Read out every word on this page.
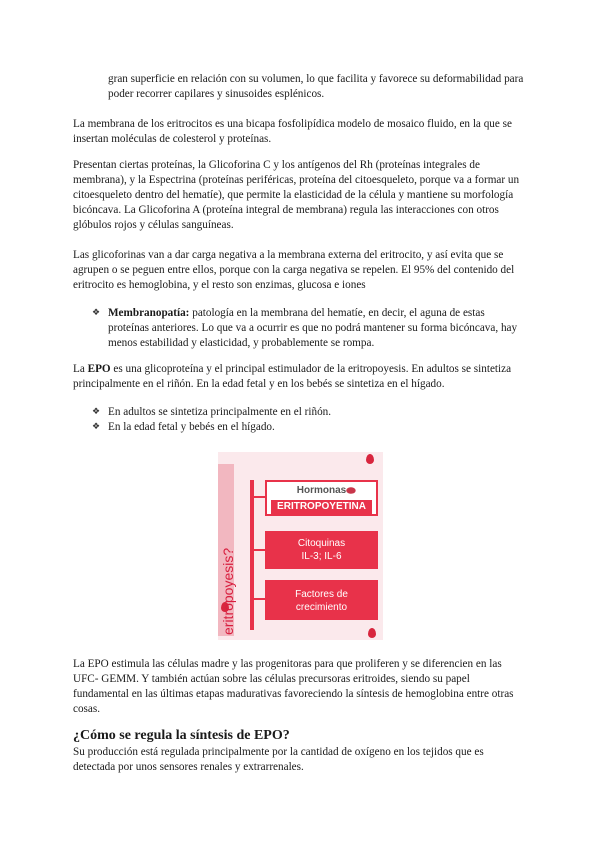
gran superficie en relación con su volumen, lo que facilita y favorece su deformabilidad para poder recorrer capilares y sinusoides esplénicos.

La membrana de los eritrocitos es una bicapa fosfolipídica modelo de mosaico fluido, en la que se insertan moléculas de colesterol y proteínas.

Presentan ciertas proteínas, la Glicoforina C y los antígenos del Rh (proteínas integrales de membrana), y la Espectrina (proteínas periféricas, proteína del citoesqueleto, porque va a formar un citoesqueleto dentro del hematíe), que permite la elasticidad de la célula y mantiene su morfología bicóncava. La Glicoforina A (proteína integral de membrana) regula las interacciones con otros glóbulos rojos y células sanguíneas.

Las glicoforinas van a dar carga negativa a la membrana externa del eritrocito, y así evita que se agrupen o se peguen entre ellos, porque con la carga negativa se repelen. El 95% del contenido del eritrocito es hemoglobina, y el resto son enzimas, glucosa e iones

❖ Membranopatía: patología en la membrana del hematíe, en decir, el aguna de estas proteínas anteriores. Lo que va a ocurrir es que no podrá mantener su forma bicóncava, hay menos estabilidad y elasticidad, y probablemente se rompa.

La EPO es una glicoproteína y el principal estimulador de la eritropoyesis. En adultos se sintetiza principalmente en el riñón. En la edad fetal y en los bebés se sintetiza en el hígado.

❖ En adultos se sintetiza principalmente en el riñón.
❖ En la edad fetal y bebés en el hígado.
eritropoyesis?
Hormonas ⬬
ERITROPOYETINA
Citoquinas
IL-3; IL-6
Factores de
crecimiento

La EPO estimula las células madre y las progenitoras para que proliferen y se diferencien en las UFC- GEMM. Y también actúan sobre las células precursoras eritroides, siendo su papel fundamental en las últimas etapas madurativas favoreciendo la síntesis de hemoglobina entre otras cosas.

¿Cómo se regula la síntesis de EPO?

Su producción está regulada principalmente por la cantidad de oxígeno en los tejidos que es detectada por unos sensores renales y extrarrenales.
